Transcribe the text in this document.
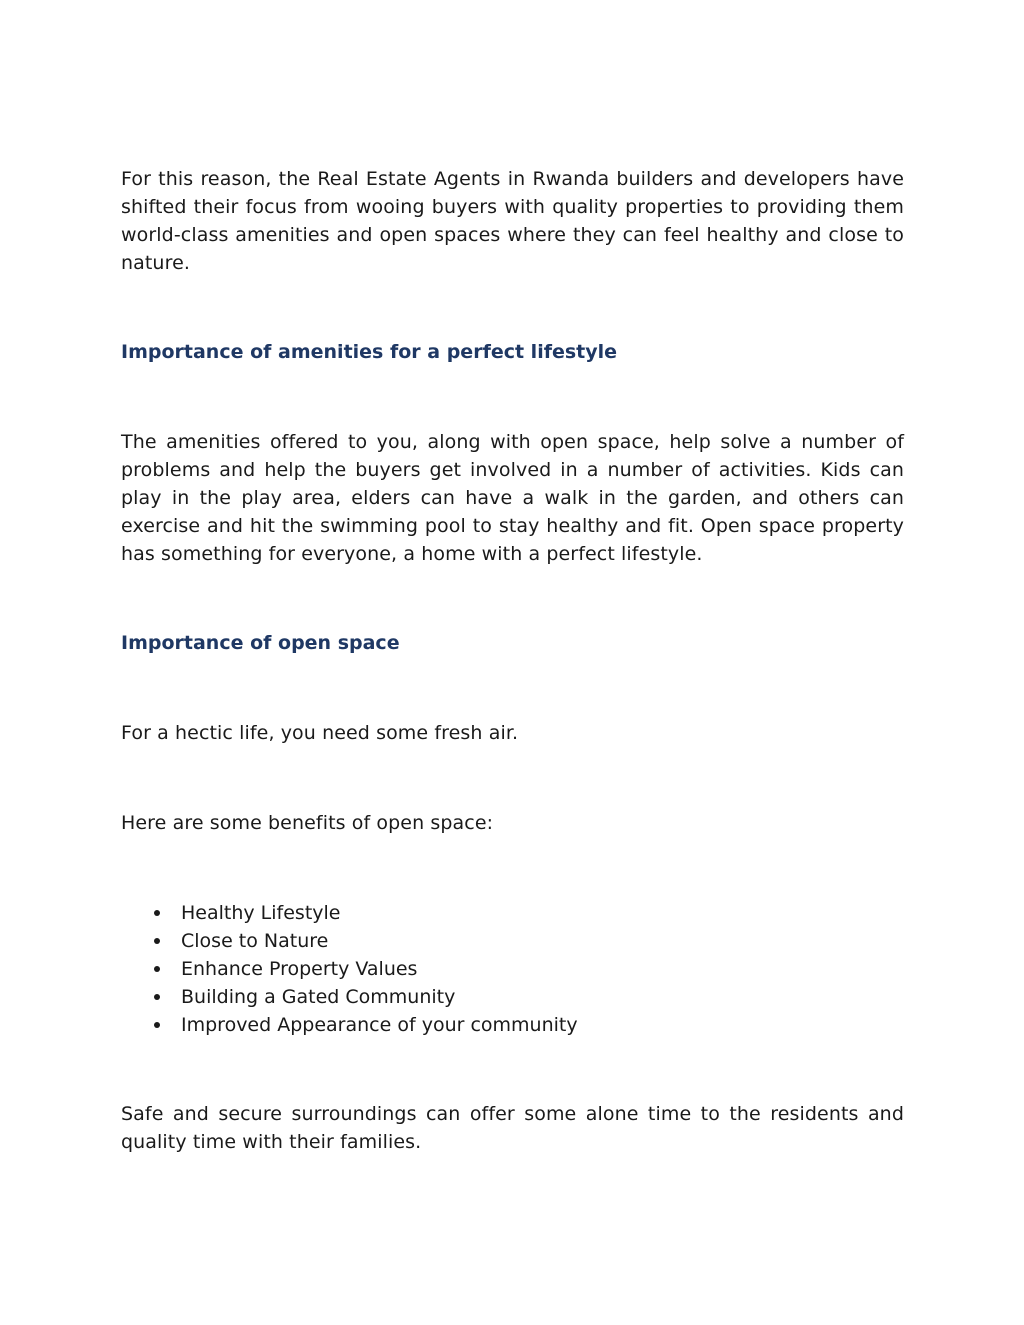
For this reason, the Real Estate Agents in Rwanda builders and developers have shifted their focus from wooing buyers with quality properties to providing them world-class amenities and open spaces where they can feel healthy and close to nature.

Importance of amenities for a perfect lifestyle

The amenities offered to you, along with open space, help solve a number of problems and help the buyers get involved in a number of activities. Kids can play in the play area, elders can have a walk in the garden, and others can exercise and hit the swimming pool to stay healthy and fit. Open space property has something for everyone, a home with a perfect lifestyle.

Importance of open space

For a hectic life, you need some fresh air.

Here are some benefits of open space:

Healthy Lifestyle
Close to Nature
Enhance Property Values
Building a Gated Community
Improved Appearance of your community

Safe and secure surroundings can offer some alone time to the residents and quality time with their families.
